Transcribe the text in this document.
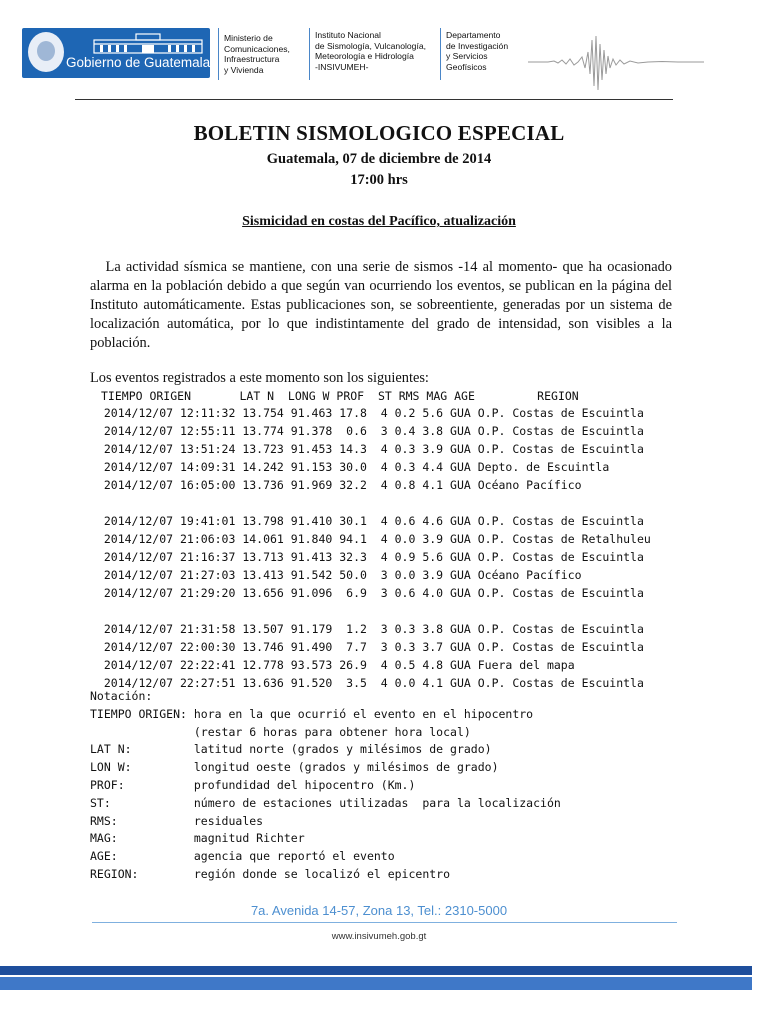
Gobierno de Guatemala
Ministerio de
Comunicaciones,
Infraestructura
y Vivienda
Instituto Nacional
de Sismología, Vulcanología,
Meteorología e Hidrología
-INSIVUMEH-
Departamento
de Investigación
y Servicios
Geofísicos
BOLETIN SISMOLOGICO ESPECIAL
Guatemala, 07 de diciembre de 2014
17:00 hrs
Sismicidad en costas del Pacífico, atualización
La actividad sísmica se mantiene, con una serie de sismos -14 al momento- que ha ocasionado alarma en la población debido a que según van ocurriendo los eventos, se publican en la página del Instituto automáticamente. Estas publicaciones son, se sobreentiente, generadas por un sistema de localización automática, por lo que indistintamente del grado de intensidad, son visibles a la población.
Los eventos registrados a este momento son los siguientes:
TIEMPO ORIGEN       LAT N  LONG W PROF  ST RMS MAG AGE         REGION
2014/12/07 12:11:32 13.754 91.463 17.8  4 0.2 5.6 GUA O.P. Costas de Escuintla
2014/12/07 12:55:11 13.774 91.378  0.6  3 0.4 3.8 GUA O.P. Costas de Escuintla
2014/12/07 13:51:24 13.723 91.453 14.3  4 0.3 3.9 GUA O.P. Costas de Escuintla
2014/12/07 14:09:31 14.242 91.153 30.0  4 0.3 4.4 GUA Depto. de Escuintla
2014/12/07 16:05:00 13.736 91.969 32.2  4 0.8 4.1 GUA Océano Pacífico
2014/12/07 19:41:01 13.798 91.410 30.1  4 0.6 4.6 GUA O.P. Costas de Escuintla
2014/12/07 21:06:03 14.061 91.840 94.1  4 0.0 3.9 GUA O.P. Costas de Retalhuleu
2014/12/07 21:16:37 13.713 91.413 32.3  4 0.9 5.6 GUA O.P. Costas de Escuintla
2014/12/07 21:27:03 13.413 91.542 50.0  3 0.0 3.9 GUA Océano Pacífico
2014/12/07 21:29:20 13.656 91.096  6.9  3 0.6 4.0 GUA O.P. Costas de Escuintla
2014/12/07 21:31:58 13.507 91.179  1.2  3 0.3 3.8 GUA O.P. Costas de Escuintla
2014/12/07 22:00:30 13.746 91.490  7.7  3 0.3 3.7 GUA O.P. Costas de Escuintla
2014/12/07 22:22:41 12.778 93.573 26.9  4 0.5 4.8 GUA Fuera del mapa
2014/12/07 22:27:51 13.636 91.520  3.5  4 0.0 4.1 GUA O.P. Costas de Escuintla
Notación:
TIEMPO ORIGEN: hora en la que ocurrió el evento en el hipocentro
(restar 6 horas para obtener hora local)
LAT N:         latitud norte (grados y milésimos de grado)
LON W:         longitud oeste (grados y milésimos de grado)
PROF:          profundidad del hipocentro (Km.)
ST:            número de estaciones utilizadas  para la localización
RMS:           residuales
MAG:           magnitud Richter
AGE:           agencia que reportó el evento
REGION:        región donde se localizó el epicentro
7a. Avenida 14-57, Zona 13, Tel.: 2310-5000
www.insivumeh.gob.gt
